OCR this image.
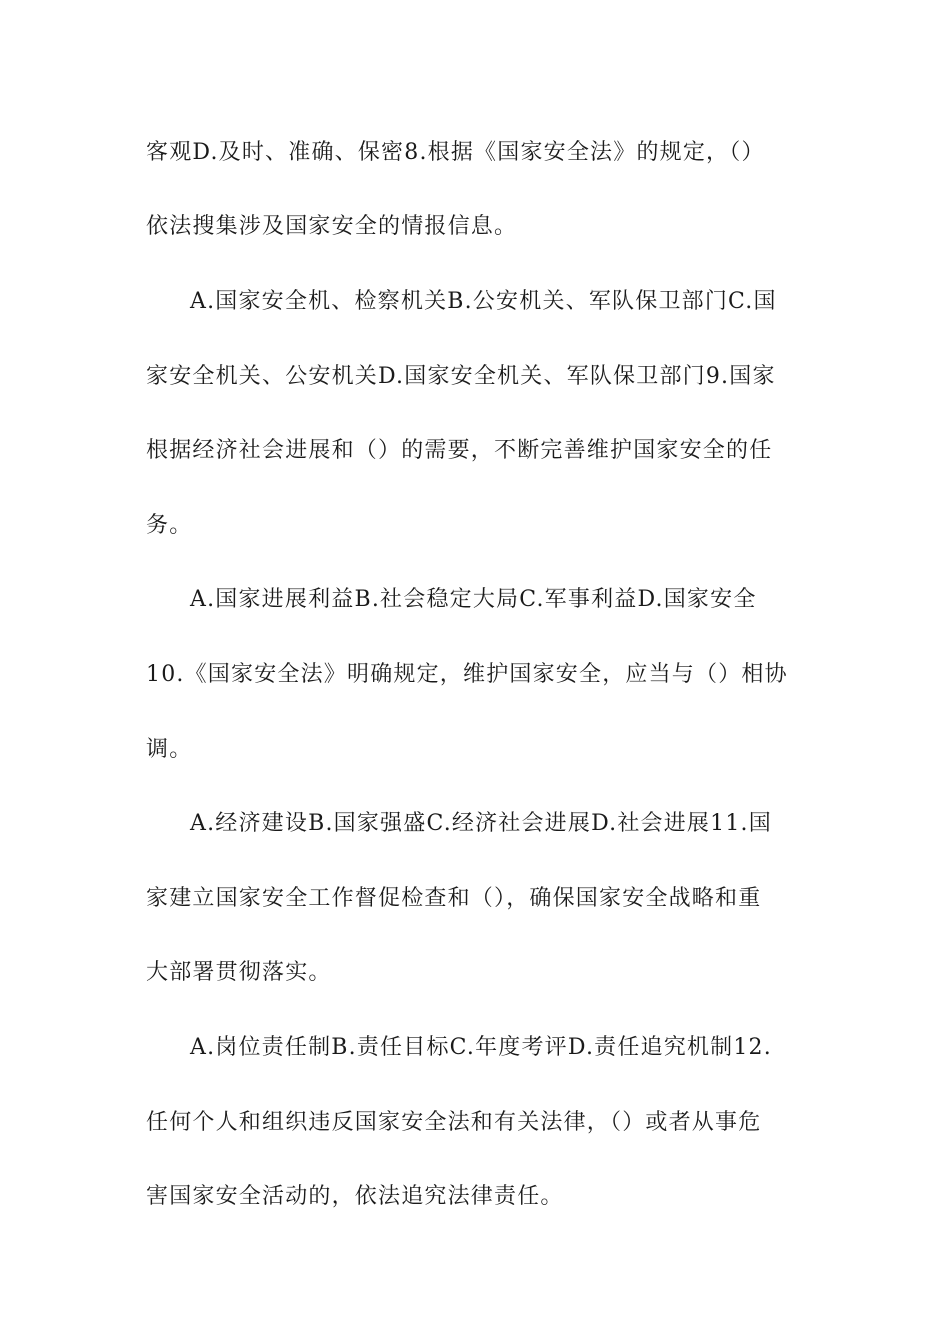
客观D.及时、准确、保密8.根据《国家安全法》的规定，（）
依法搜集涉及国家安全的情报信息。
A.国家安全机、检察机关B.公安机关、军队保卫部门C.国
家安全机关、公安机关D.国家安全机关、军队保卫部门9.国家
根据经济社会进展和（）的需要，不断完善维护国家安全的任
务。
A.国家进展利益B.社会稳定大局C.军事利益D.国家安全
10.《国家安全法》明确规定，维护国家安全，应当与（）相协
调。
A.经济建设B.国家强盛C.经济社会进展D.社会进展11.国
家建立国家安全工作督促检查和（），确保国家安全战略和重
大部署贯彻落实。
A.岗位责任制B.责任目标C.年度考评D.责任追究机制12.
任何个人和组织违反国家安全法和有关法律，（）或者从事危
害国家安全活动的，依法追究法律责任。
